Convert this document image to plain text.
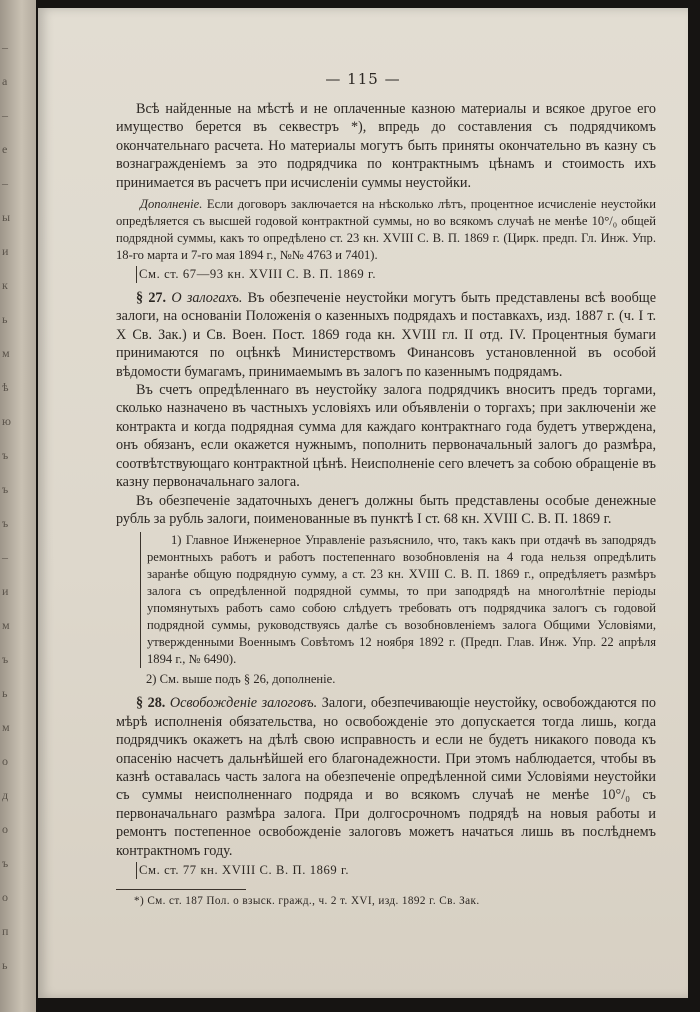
–
а
–
е
–
ы
и
к
ь
м
ѣ
ю
ъ
ъ
ъ
–
и
м
ъ
ь
м
о
д
о
ъ
о
п
ь
— 115 —

Всѣ найденные на мѣстѣ и не оплаченные казною материалы и всякое другое его имущество берется въ секвестръ *), впредь до составления съ подрядчикомъ окончательнаго расчета. Но материалы могутъ быть приняты окончательно въ казну съ вознагражденiемъ за это подрядчика по контрактнымъ цѣнамъ и стоимость ихъ принимается въ расчетъ при исчисленiи суммы неустойки.

Дополненiе. Если договоръ заключается на нѣсколько лѣтъ, процентное исчисленiе неустойки опредѣляется съ высшей годовой контрактной суммы, но во всякомъ случаѣ не менѣе 10°/₀ общей подрядной суммы, какъ то опредѣлено ст. 23 кн. XVIII С. В. П. 1869 г. (Цирк. предп. Гл. Инж. Упр. 18-го марта и 7-го мая 1894 г., №№ 4763 и 7401).

См. ст. 67—93 кн. XVIII С. В. П. 1869 г.

§ 27. О залогахъ. Въ обезпеченiе неустойки могутъ быть представлены всѣ вообще залоги, на основанiи Положенiя о казенныхъ подрядахъ и поставкахъ, изд. 1887 г. (ч. I т. X Св. Зак.) и Св. Воен. Пост. 1869 года кн. XVIII гл. II отд. IV. Процентныя бумаги принимаются по оцѣнкѣ Министерствомъ Финансовъ установленной въ особой вѣдомости бумагамъ, принимаемымъ въ залогъ по казеннымъ подрядамъ.

Въ счетъ опредѣленнаго въ неустойку залога подрядчикъ вноситъ предъ торгами, сколько назначено въ частныхъ условiяхъ или объявленiи о торгахъ; при заключенiи же контракта и когда подрядная сумма для каждаго контрактнаго года будетъ утверждена, онъ обязанъ, если окажется нужнымъ, пополнить первоначальный залогъ до размѣра, соотвѣтствующаго контрактной цѣнѣ. Неисполненiе сего влечетъ за собою обращенiе въ казну первоначальнаго залога.

Въ обезпеченiе задаточныхъ денегъ должны быть представлены особые денежные рубль за рубль залоги, поименованные въ пунктѣ I ст. 68 кн. XVIII С. В. П. 1869 г.

1) Главное Инженерное Управленiе разъяснило, что, такъ какъ при отдачѣ въ заподрядъ ремонтныхъ работъ и работъ постепеннаго возобновленiя на 4 года нельзя опредѣлить заранѣе общую подрядную сумму, а ст. 23 кн. XVIII С. В. П. 1869 г., опредѣляетъ размѣръ залога съ опредѣленной подрядной суммы, то при заподрядѣ на многолѣтнiе перiоды упомянутыхъ работъ само собою слѣдуетъ требовать отъ подрядчика залогъ съ годовой подрядной суммы, руководствуясь далѣе съ возобновленiемъ залога Общими Условiями, утвержденными Военнымъ Совѣтомъ 12 ноября 1892 г. (Предп. Глав. Инж. Упр. 22 апрѣля 1894 г., № 6490).

2) См. выше подъ § 26, дополненiе.

§ 28. Освобожденiе залоговъ. Залоги, обезпечивающiе неустойку, освобождаются по мѣрѣ исполненiя обязательства, но освобожденiе это допускается тогда лишь, когда подрядчикъ окажетъ на дѣлѣ свою исправность и если не будетъ никакого повода къ опасенiю насчетъ дальнѣйшей его благонадежности. При этомъ наблюдается, чтобы въ казнѣ оставалась часть залога на обезпеченiе опредѣленной сими Условiями неустойки съ суммы неисполненнаго подряда и во всякомъ случаѣ не менѣе 10°/₀ съ первоначальнаго размѣра залога. При долгосрочномъ подрядѣ на новыя работы и ремонтъ постепенное освобожденiе залоговъ можетъ начаться лишь въ послѣднемъ контрактномъ году.

См. ст. 77 кн. XVIII С. В. П. 1869 г.

*) См. ст. 187 Пол. о взыск. гражд., ч. 2 т. XVI, изд. 1892 г. Св. Зак.
